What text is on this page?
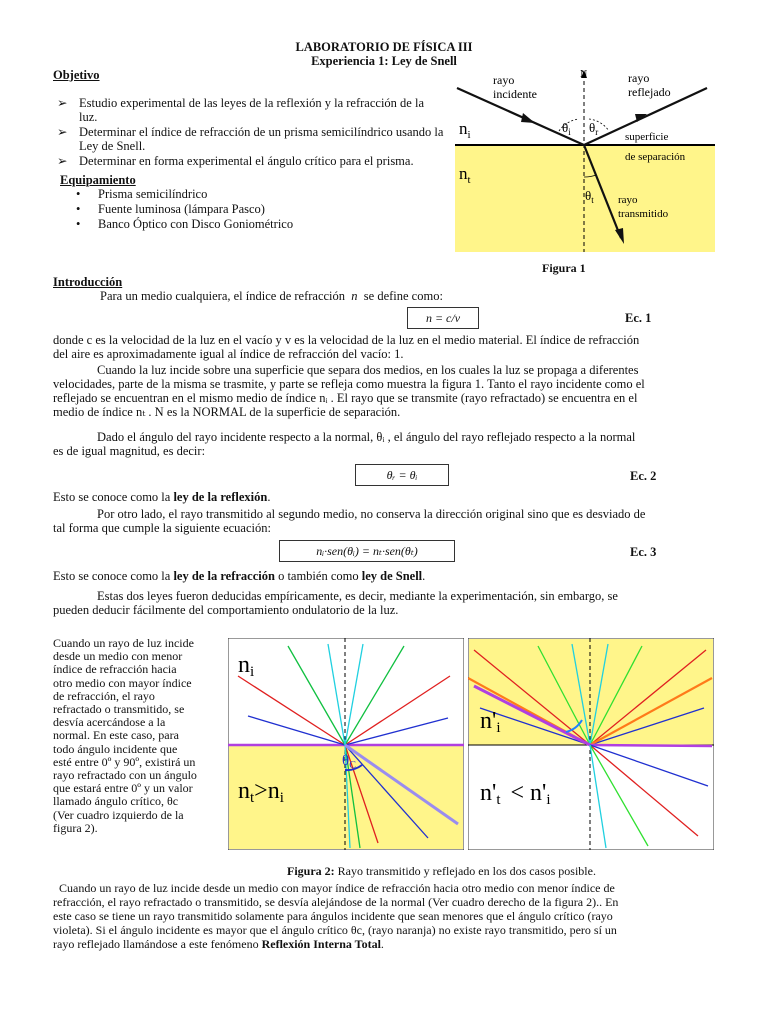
LABORATORIO DE FÍSICA III
Experiencia 1: Ley de Snell
Objetivo
➢ Estudio experimental de las leyes de la reflexión y la refracción de la luz.
➢ Determinar el índice de refracción de un prisma semicilíndrico usando la Ley de Snell.
➢ Determinar en forma experimental el ángulo crítico para el prisma.
Equipamiento
• Prisma semicilíndrico
• Fuente luminosa (lámpara Pasco)
• Banco Óptico con Disco Goniométrico
rayo
incidente
N	rayo
reflejado
$n_i$	$\theta_i$ $\theta_r$ superficie
de separación
$n_t$
$\theta_t$ rayo
transmitido
Figura 1
Introducción
Para un medio cualquiera, el índice de refracción n se define como:
n = c/v	Ec. 1
donde c es la velocidad de la luz en el vacío y v es la velocidad de la luz en el medio material. El índice de refracción
del aire es aproximadamente igual al índice de refracción del vacío: 1.
Cuando la luz incide sobre una superficie que separa dos medios, en los cuales la luz se propaga a diferentes
velocidades, parte de la misma se trasmite, y parte se refleja como muestra la figura 1. Tanto el rayo incidente como el
reflejado se encuentran en el mismo medio de índice nᵢ . El rayo que se transmite (rayo refractado) se encuentra en el
medio de índice nₜ . N es la NORMAL de la superficie de separación.
Dado el ángulo del rayo incidente respecto a la normal, θᵢ , el ángulo del rayo reflejado respecto a la normal
es de igual magnitud, es decir:
θᵣ = θᵢ	Ec. 2
Esto se conoce como la ley de la reflexión.
Por otro lado, el rayo transmitido al segundo medio, no conserva la dirección original sino que es desviado de
tal forma que cumple la siguiente ecuación:
nᵢ·sen(θᵢ) = nₜ·sen(θₜ)	Ec. 3
Esto se conoce como la ley de la refracción o también como ley de Snell.
Estas dos leyes fueron deducidas empíricamente, es decir, mediante la experimentación, sin embargo, se
pueden deducir fácilmente del comportamiento ondulatorio de la luz.
Cuando un rayo de luz incide
desde un medio con menor
índice de refracción hacia
otro medio con mayor índice
de refracción, el rayo
refractado o transmitido, se
desvía acercándose a la
normal. En este caso, para
todo ángulo incidente que
esté entre 0º y 90º, existirá un
rayo refractado con un ángulo
que estará entre 0º y un valor
llamado ángulo crítico, θc
(Ver cuadro izquierdo de la
figura 2).
ni
$\theta_C$
nt>ni
n'i
n't < n'i
Figura 2: Rayo transmitido y reflejado en los dos casos posible.
Cuando un rayo de luz incide desde un medio con mayor índice de refracción hacia otro medio con menor índice de
refracción, el rayo refractado o transmitido, se desvía alejándose de la normal (Ver cuadro derecho de la figura 2).. En
este caso se tiene un rayo transmitido solamente para ángulos incidente que sean menores que el ángulo crítico (rayo
violeta). Si el ángulo incidente es mayor que el ángulo crítico θc, (rayo naranja) no existe rayo transmitido, pero sí un
rayo reflejado llamándose a este fenómeno Reflexión Interna Total.
